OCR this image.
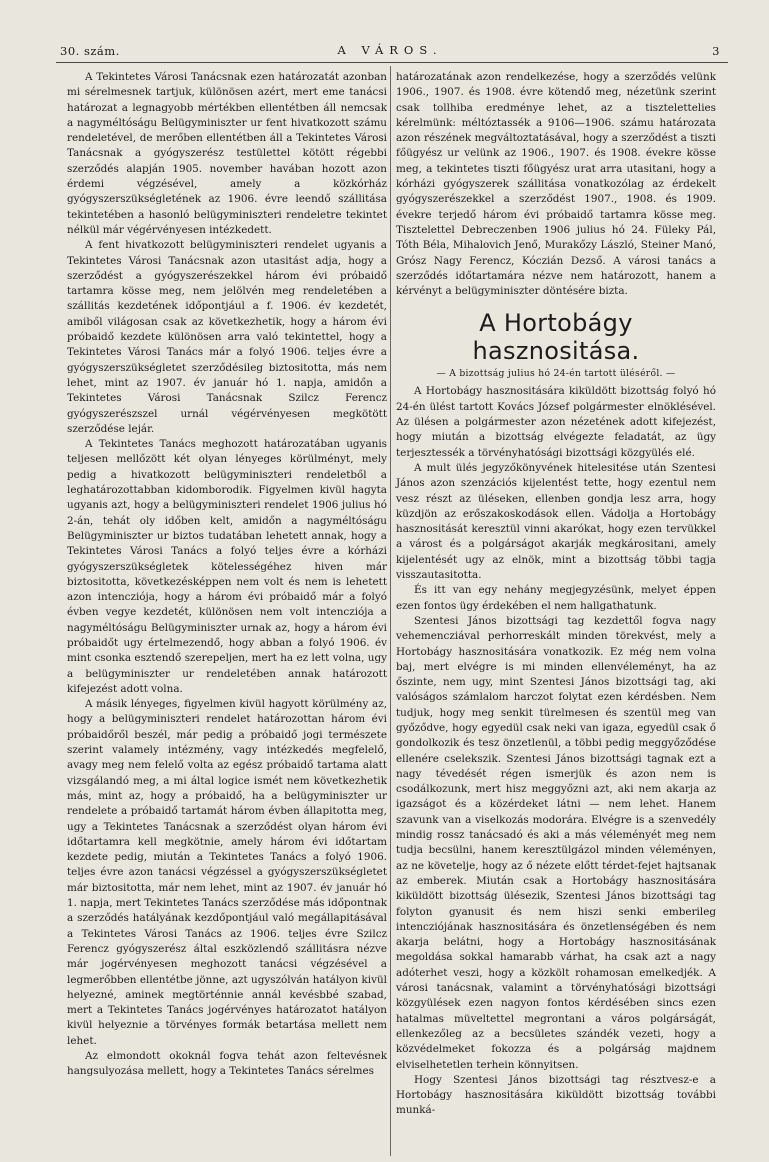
30. szám.	A VÁROS.	3

A Tekintetes Városi Tanácsnak ezen határozatát azonban mi sérelmesnek tartjuk, különösen azért, mert eme tanácsi határozat a legnagyobb mértékben ellentétben áll nemcsak a nagyméltóságu Belügyminiszter ur fent hivatkozott számu rendeletével, de merőben ellentétben áll a Tekintetes Városi Tanácsnak a gyógyszerész testülettel kötött régebbi szerződés alapján 1905. november havában hozott azon érdemi végzésével, amely a közkórház gyógyszerszükségletének az 1906. évre leendő szállitása tekintetében a hasonló belügyminiszteri rendeletre tekintet nélkül már végérvényesen intézkedett.

A fent hivatkozott belügyminiszteri rendelet ugyanis a Tekintetes Városi Tanácsnak azon utasitást adja, hogy a szerződést a gyógyszerészekkel három évi próbaidő tartamra kösse meg, nem jelölvén meg rendeletében a szállitás kezdetének időpontjául a f. 1906. év kezdetét, amiből világosan csak az következhetik, hogy a három évi próbaidő kezdete különösen arra való tekintettel, hogy a Tekintetes Városi Tanács már a folyó 1906. teljes évre a gyógyszerszükségletet szerződésileg biztositotta, más nem lehet, mint az 1907. év január hó 1. napja, amidőn a Tekintetes Városi Tanácsnak Szilcz Ferencz gyógyszerészszel urnál végérvényesen megkötött szerződése lejár.

A Tekintetes Tanács meghozott határozatában ugyanis teljesen mellőzött két olyan lényeges körülményt, mely pedig a hivatkozott belügyminiszteri rendeletből a leghatározottabban kidomborodik. Figyelmen kivül hagyta ugyanis azt, hogy a belügyminiszteri rendelet 1906 julius hó 2-án, tehát oly időben kelt, amidőn a nagyméltóságu Belügyminiszter ur biztos tudatában lehetett annak, hogy a Tekintetes Városi Tanács a folyó teljes évre a kórházi gyógyszerszükségletek kötelességéhez hiven már biztositotta, következésképpen nem volt és nem is lehetett azon intencziója, hogy a három évi próbaidő már a folyó évben vegye kezdetét, különösen nem volt intencziója a nagyméltóságu Belügyminiszter urnak az, hogy a három évi próbaidőt ugy értelmezendő, hogy abban a folyó 1906. év mint csonka esztendő szerepeljen, mert ha ez lett volna, ugy a belügyminiszter ur rendeletében annak határozott kifejezést adott volna.

A másik lényeges, figyelmen kivül hagyott körülmény az, hogy a belügyminiszteri rendelet határozottan három évi próbaidőről beszél, már pedig a próbaidő jogi természete szerint valamely intézmény, vagy intézkedés megfelelő, avagy meg nem felelő volta az egész próbaidő tartama alatt vizsgálandó meg, a mi által logice ismét nem következhetik más, mint az, hogy a próbaidő, ha a belügyminiszter ur rendelete a próbaidő tartamát három évben állapitotta meg, ugy a Tekintetes Tanácsnak a szerződést olyan három évi időtartamra kell megkötnie, amely három évi időtartam kezdete pedig, miután a Tekintetes Tanács a folyó 1906. teljes évre azon tanácsi végzéssel a gyógyszerszükségletet már biztositotta, már nem lehet, mint az 1907. év január hó 1. napja, mert Tekintetes Tanács szerződése más időpontnak a szerződés hatályának kezdőpontjául való megállapitásával a Tekintetes Városi Tanács az 1906. teljes évre Szilcz Ferencz gyógyszerész által eszközlendő szállitásra nézve már jogérvényesen meghozott tanácsi végzésével a legmerőbben ellentétbe jönne, azt ugyszólván hatályon kivül helyezné, aminek megtörténnie annál kevésbbé szabad, mert a Tekintetes Tanács jogérvényes határozatot hatályon kivül helyeznie a törvényes formák betartása mellett nem lehet.

Az elmondott okoknál fogva tehát azon feltevésnek hangsulyozása mellett, hogy a Tekintetes Tanács sérelmes

határozatának azon rendelkezése, hogy a szerződés velünk 1906., 1907. és 1908. évre kötendő meg, nézetünk szerint csak tollhiba eredménye lehet, az a tisztelettelies kérelmünk: méltóztassék a 9106—1906. számu határozata azon részének megváltoztatásával, hogy a szerződést a tiszti főügyész ur velünk az 1906., 1907. és 1908. évekre kösse meg, a tekintetes tiszti főügyész urat arra utasitani, hogy a kórházi gyógyszerek szállitása vonatkozólag az érdekelt gyógyszerészekkel a szerződést 1907., 1908. és 1909. évekre terjedő három évi próbaidő tartamra kösse meg. Tisztelettel Debreczenben 1906 julius hó 24. Füleky Pál, Tóth Béla, Mihalovich Jenő, Murakőzy László, Steiner Manó, Grósz Nagy Ferencz, Kóczián Dezső. A városi tanács a szerződés időtartamára nézve nem határozott, hanem a kérvényt a belügyminiszter döntésére bizta.

A Hortobágy hasznositása.

— A bizottság julius hó 24-én tartott üléséről. —

A Hortobágy hasznositására kiküldött bizottság folyó hó 24-én ülést tartott Kovács József polgármester elnöklésével. Az ülésen a polgármester azon nézetének adott kifejezést, hogy miután a bizottság elvégezte feladatát, az ügy terjesztessék a törvényhatósági bizottsági közgyülés elé.

A mult ülés jegyzőkönyvének hitelesitése után Szentesi János azon szenzációs kijelentést tette, hogy ezentul nem vesz részt az üléseken, ellenben gondja lesz arra, hogy küzdjön az erőszakoskodások ellen. Vádolja a Hortobágy hasznositását keresztül vinni akarókat, hogy ezen tervükkel a várost és a polgárságot akarják megkárositani, amely kijelentését ugy az elnök, mint a bizottság többi tagja visszautasitotta.

És itt van egy nehány megjegyzésünk, melyet éppen ezen fontos ügy érdekében el nem hallgathatunk.

Szentesi János bizottsági tag kezdettől fogva nagy vehemencziával perhorreskált minden törekvést, mely a Hortobágy hasznositására vonatkozik. Ez még nem volna baj, mert elvégre is mi minden ellenvéleményt, ha az őszinte, nem ugy, mint Szentesi János bizottsági tag, aki valóságos számlalom harczot folytat ezen kérdésben. Nem tudjuk, hogy meg senkit türelmesen és szentül meg van győződve, hogy egyedül csak neki van igaza, egyedül csak ő gondolkozik és tesz önzetlenül, a többi pedig meggyőződése ellenére cselekszik. Szentesi János bizottsági tagnak ezt a nagy tévedését régen ismerjük és azon nem is csodálkozunk, mert hisz meggyőzni azt, aki nem akarja az igazságot és a közérdeket látni — nem lehet. Hanem szavunk van a viselkozás modorára. Elvégre is a szenvedély mindig rossz tanácsadó és aki a más véleményét meg nem tudja becsülni, hanem keresztülgázol minden véleményen, az ne követelje, hogy az ő nézete előtt térdet-fejet hajtsanak az emberek. Miután csak a Hortobágy hasznositására kiküldött bizottság ülésezik, Szentesi János bizottsági tag folyton gyanusit és nem hiszi senki emberileg intencziójának hasznositására és önzetlenségében és nem akarja belátni, hogy a Hortobágy hasznositásának megoldása sokkal hamarabb várhat, ha csak azt a nagy adóterhet veszi, hogy a közkölt rohamosan emelkedjék. A városi tanácsnak, valamint a törvényhatósági bizottsági közgyülések ezen nagyon fontos kérdésében sincs ezen hatalmas müveltettel megrontani a város polgárságát, ellenkezőleg az a becsületes szándék vezeti, hogy a közvédelmeket fokozza és a polgárság majdnem elviselhetetlen terhein könnyitsen.

Hogy Szentesi János bizottsági tag résztvesz-e a Hortobágy hasznositására kiküldött bizottság további munká-
